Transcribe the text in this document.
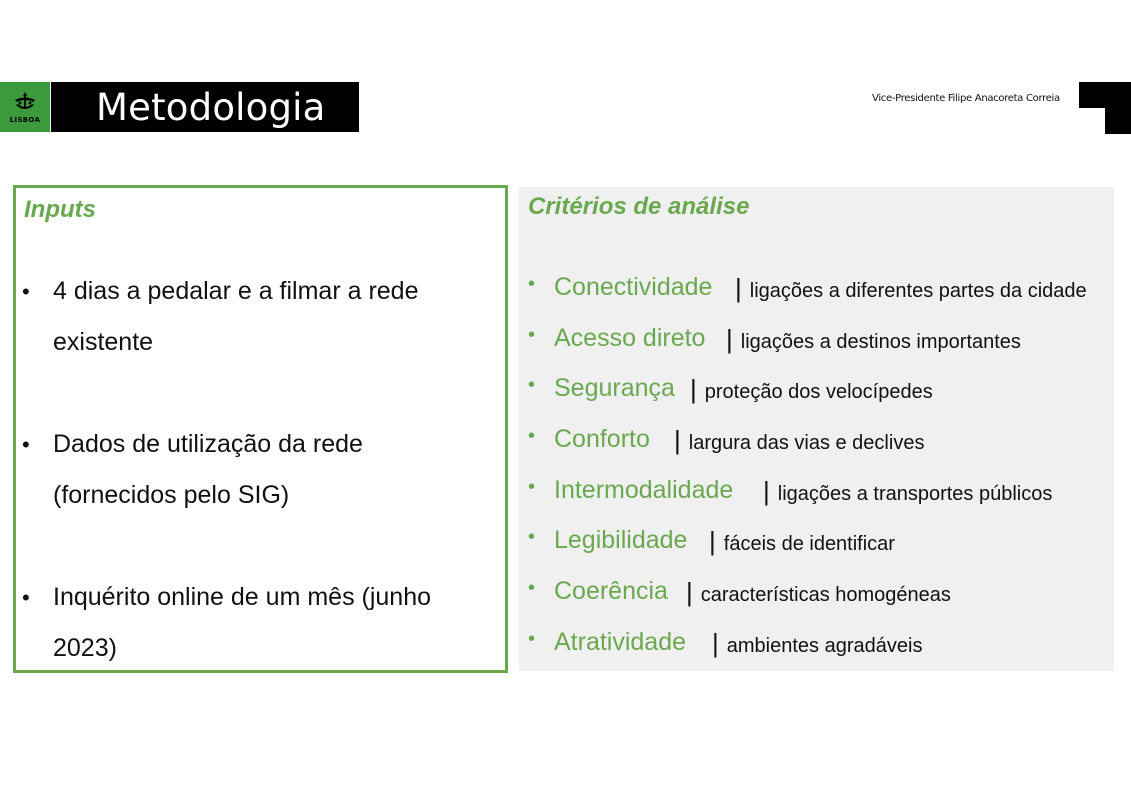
LISBOA	Metodologia	Vice-Presidente Filipe Anacoreta Correia
Inputs
• 4 dias a pedalar e a filmar a rede
existente
• Dados de utilização da rede
(fornecidos pelo SIG)
• Inquérito online de um mês (junho
2023)
Critérios de análise
• Conectividade | ligações a diferentes partes da cidade
• Acesso direto | ligações a destinos importantes
• Segurança | proteção dos velocípedes
• Conforto | largura das vias e declives
• Intermodalidade	| ligações a transportes públicos
• Legibilidade | fáceis de identificar
• Coerência | características homogéneas
• Atratividade | ambientes agradáveis
